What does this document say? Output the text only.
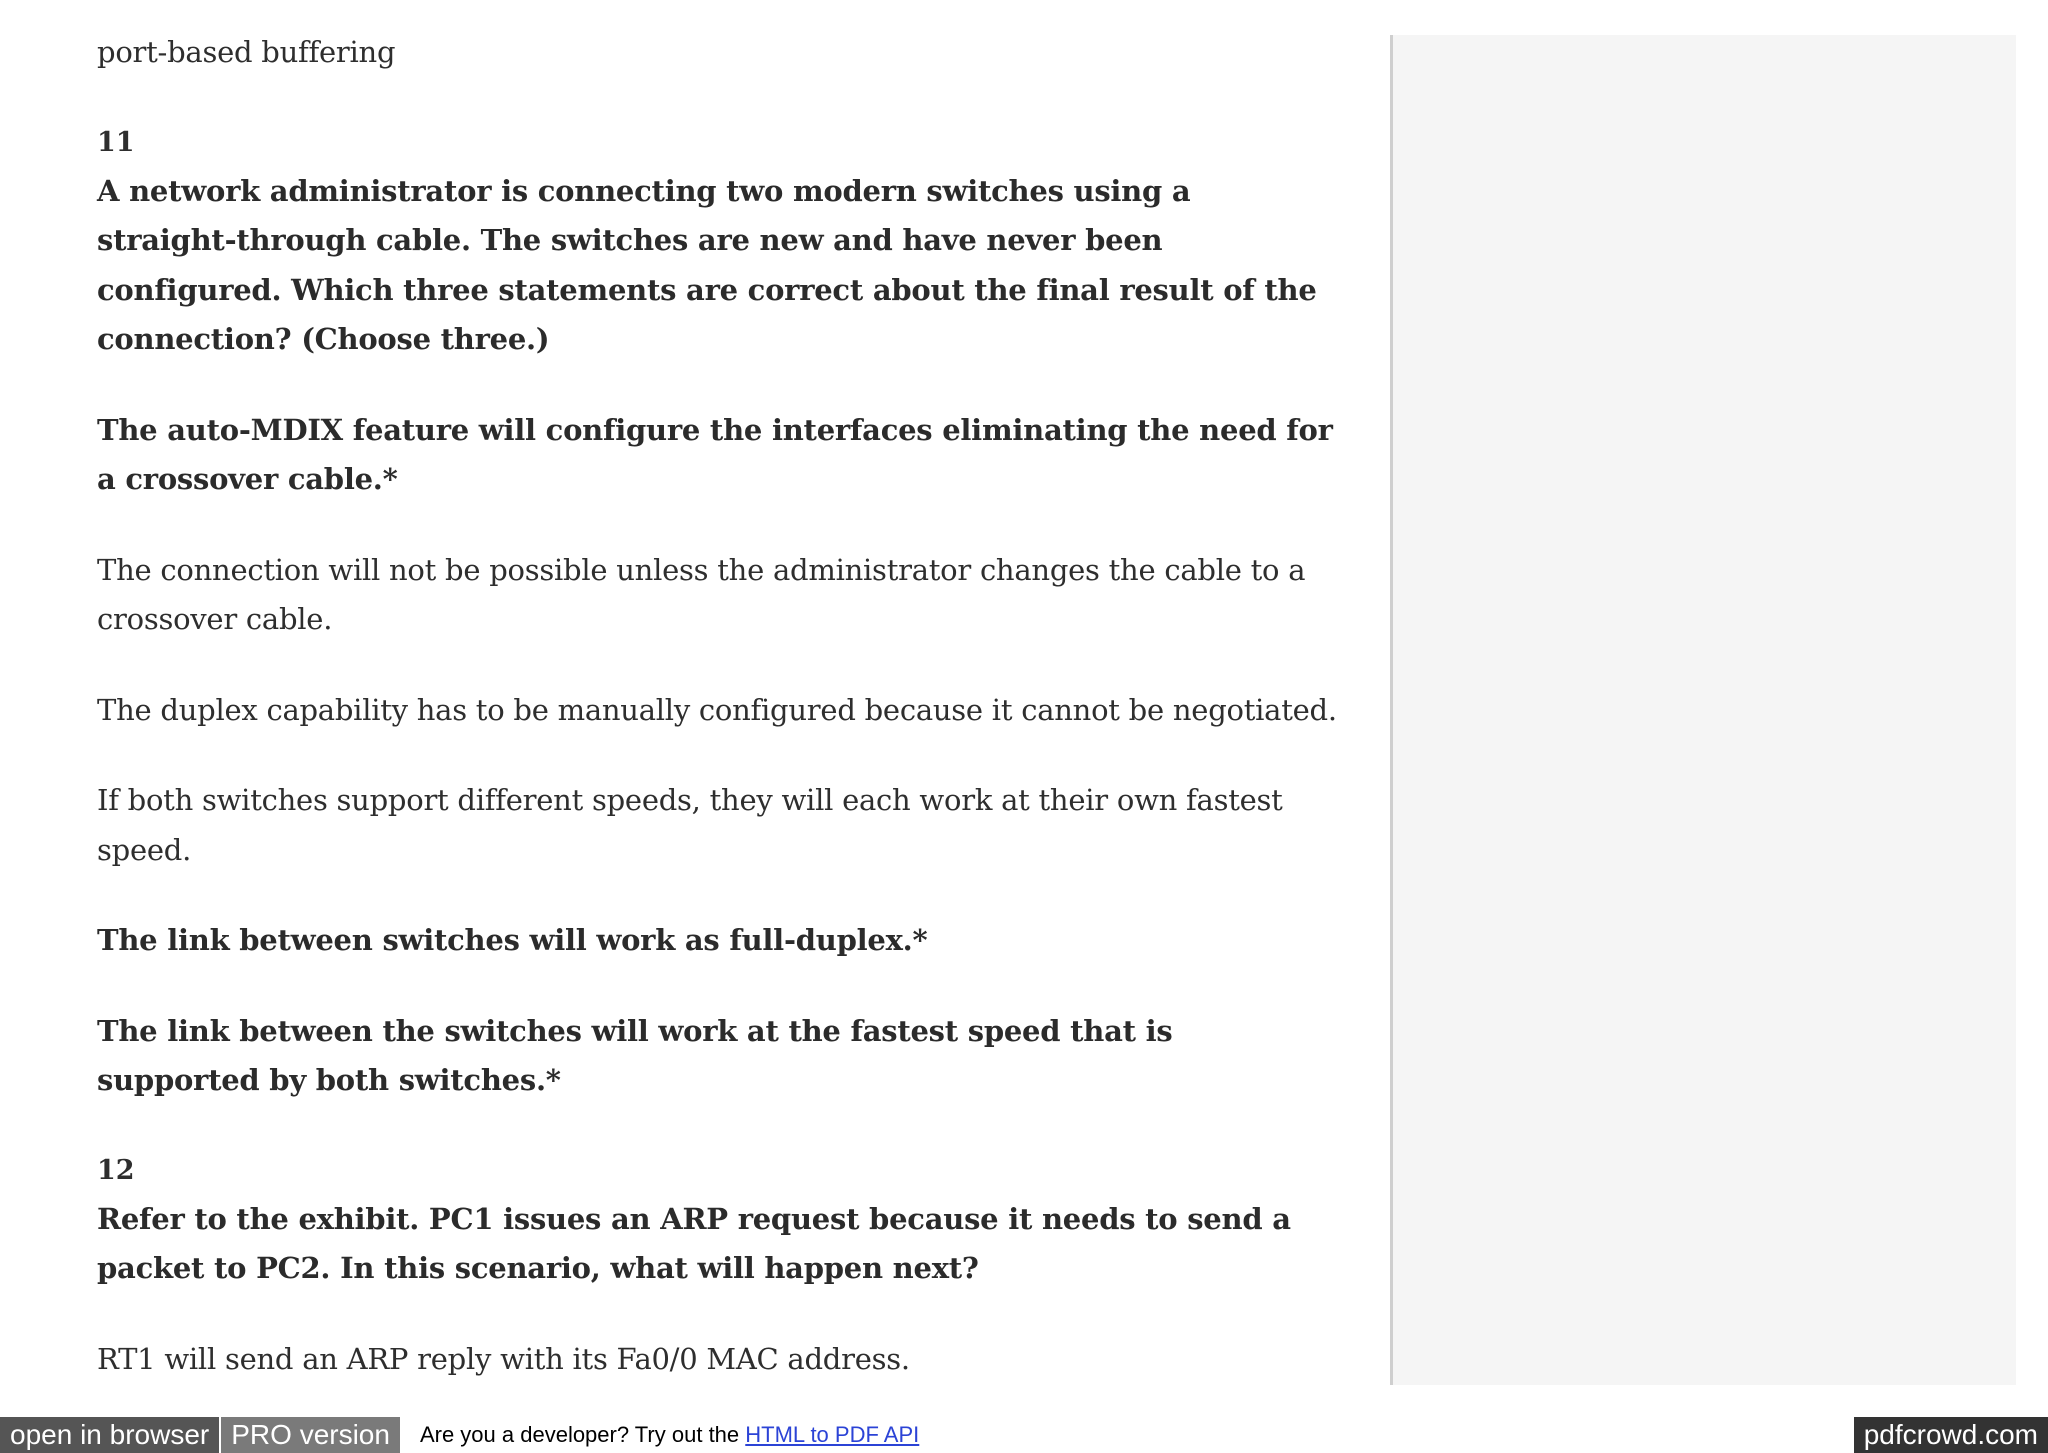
port-based buffering

11

A network administrator is connecting two modern switches using a straight-through cable. The switches are new and have never been configured. Which three statements are correct about the final result of the connection? (Choose three.)

The auto-MDIX feature will configure the interfaces eliminating the need for a crossover cable.*

The connection will not be possible unless the administrator changes the cable to a crossover cable.

The duplex capability has to be manually configured because it cannot be negotiated.

If both switches support different speeds, they will each work at their own fastest speed.

The link between switches will work as full-duplex.*

The link between the switches will work at the fastest speed that is supported by both switches.*

12

Refer to the exhibit. PC1 issues an ARP request because it needs to send a packet to PC2. In this scenario, what will happen next?

RT1 will send an ARP reply with its Fa0/0 MAC address.

open in browser PRO version	Are you a developer? Try out the HTML to PDF API	pdfcrowd.com
